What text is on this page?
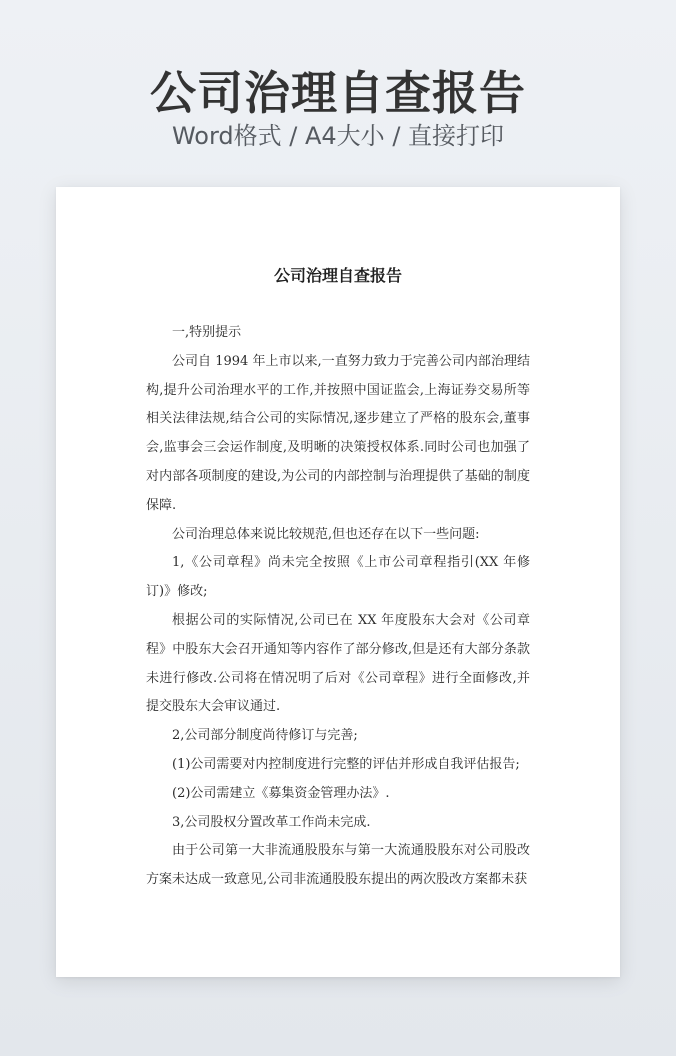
公司治理自查报告
Word格式 / A4大小 / 直接打印
公司治理自查报告

一,特别提示

公司自 1994 年上市以来,一直努力致力于完善公司内部治理结构,提升公司治理水平的工作,并按照中国证监会,上海证券交易所等相关法律法规,结合公司的实际情况,逐步建立了严格的股东会,董事会,监事会三会运作制度,及明晰的决策授权体系.同时公司也加强了对内部各项制度的建设,为公司的内部控制与治理提供了基础的制度保障.

公司治理总体来说比较规范,但也还存在以下一些问题:

1,《公司章程》尚未完全按照《上市公司章程指引(XX 年修订)》修改;

根据公司的实际情况,公司已在 XX 年度股东大会对《公司章程》中股东大会召开通知等内容作了部分修改,但是还有大部分条款未进行修改.公司将在情况明了后对《公司章程》进行全面修改,并提交股东大会审议通过.

2,公司部分制度尚待修订与完善;

(1)公司需要对内控制度进行完整的评估并形成自我评估报告;

(2)公司需建立《募集资金管理办法》.

3,公司股权分置改革工作尚未完成.

由于公司第一大非流通股股东与第一大流通股股东对公司股改方案未达成一致意见,公司非流通股股东提出的两次股改方案都未获
